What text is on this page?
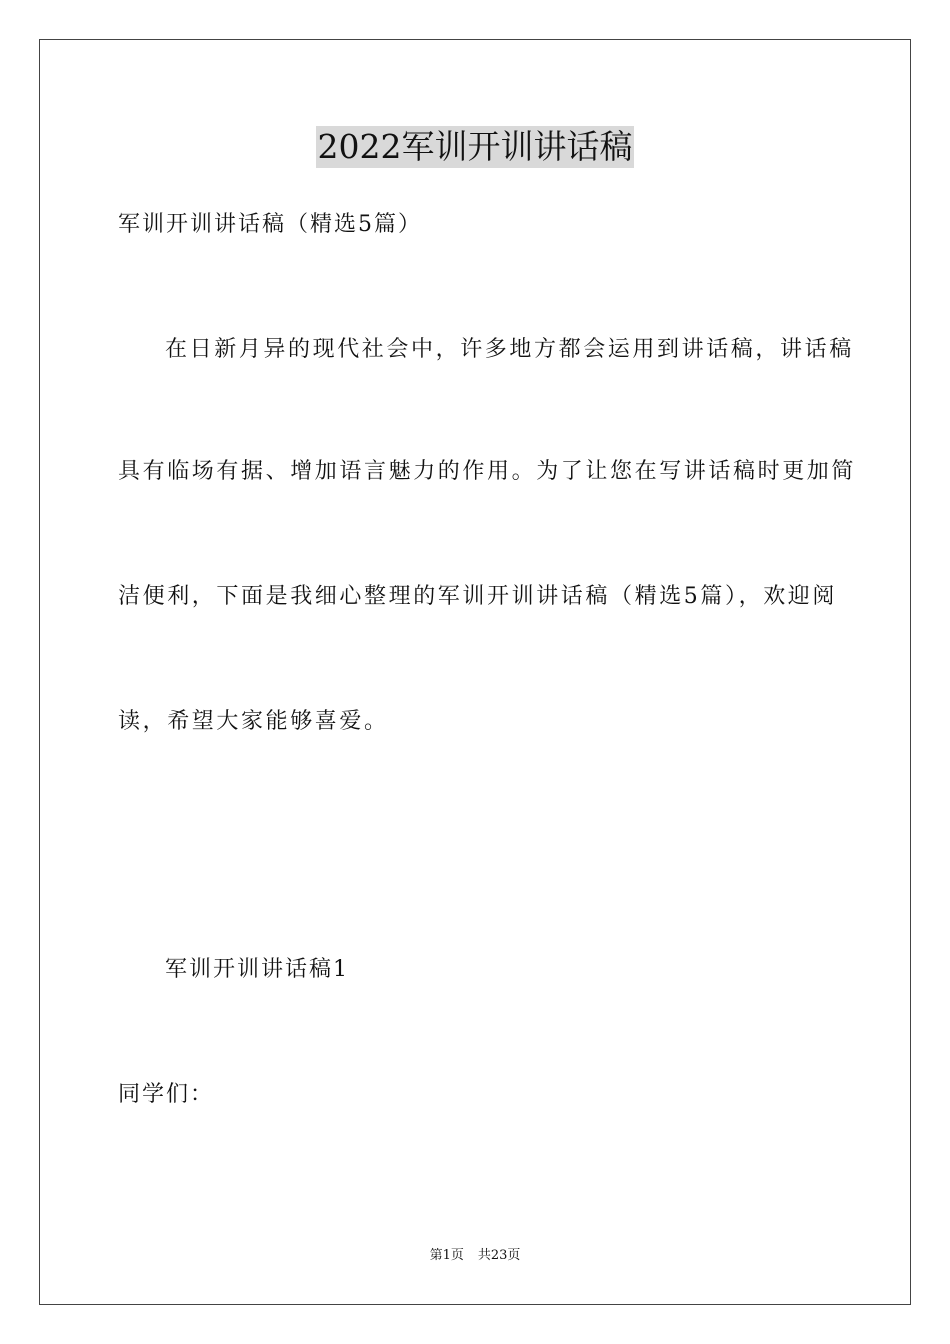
2022军训开训讲话稿
军训开训讲话稿（精选5篇）
在日新月异的现代社会中，许多地方都会运用到讲话稿，讲话稿
具有临场有据、增加语言魅力的作用。为了让您在写讲话稿时更加简
洁便利，下面是我细心整理的军训开训讲话稿（精选5篇），欢迎阅
读，希望大家能够喜爱。
军训开训讲话稿1
同学们：
第1页 共23页
